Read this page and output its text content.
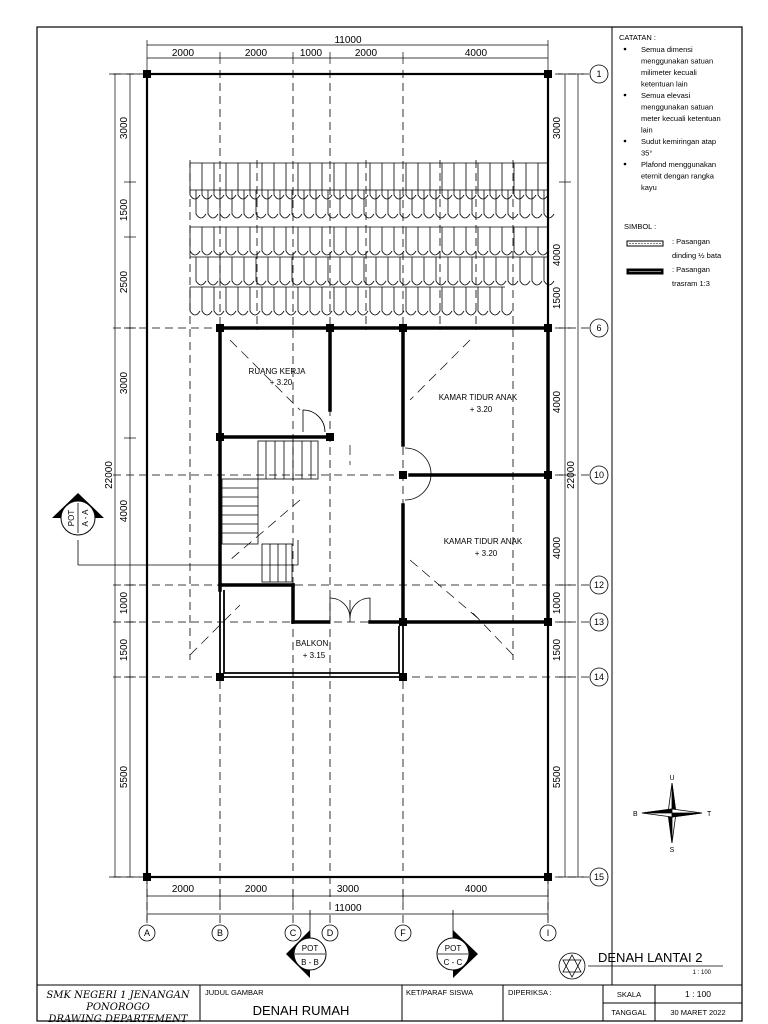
11000
2000	2000	1000	2000	4000
2000	2000	3000	4000
11000
3000
1500
2500
3000
4000
1000
1500
5500
22000
3000
4000
1500
4000
4000
1000
1500
5500
22000
A	B	C	D	F	I
1
6
10
12
13
14
15
RUANG KERJA
+ 3.20
KAMAR TIDUR ANAK
+ 3.20
KAMAR TIDUR ANAK
+ 3.20
BALKON
+ 3.15
POT A - A
POT
B - B
POT
C - C
CATATAN :
Semua dimensi
menggunakan satuan
milimeter kecuali
ketentuan lain
Semua elevasi
menggunakan satuan
meter kecuali ketentuan
lain
Sudut kemiringan atap
35°
Plafond menggunakan
eternit dengan rangka
kayu
SIMBOL :
: Pasangan
dinding ½ bata
: Pasangan
trasram 1:3
U
T
S
B
DENAH LANTAI 2
1 : 100
SMK NEGERI 1 JENANGAN
PONOROGO
DRAWING DEPARTEMENT
JUDUL GAMBAR
DENAH RUMAH
KET/PARAF SISWA	DIPERIKSA :	SKALA	1 : 100
TANGGAL	30 MARET 2022
